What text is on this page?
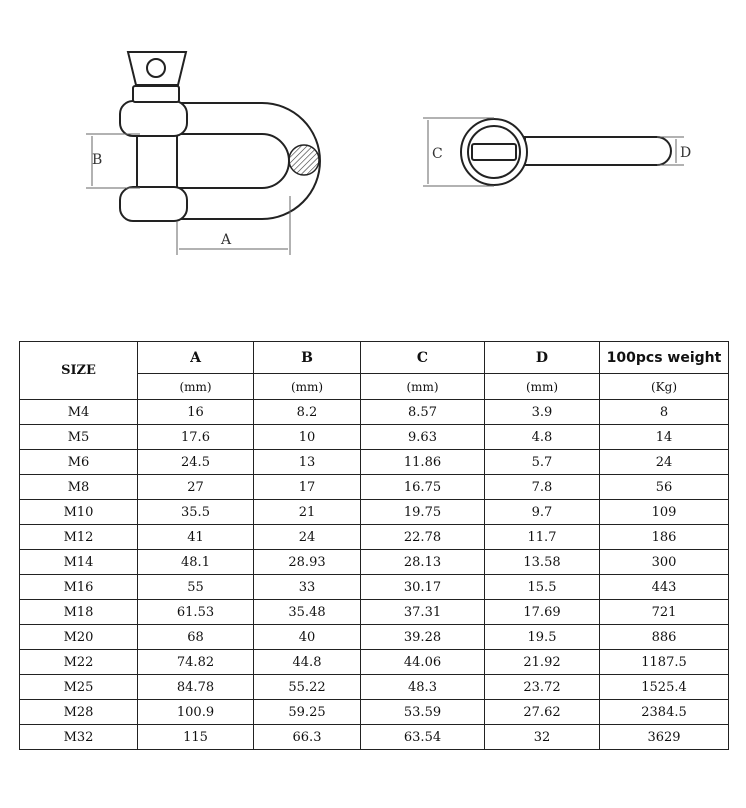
B
A
C	D
SIZE	A	B	C	D	100pcs weight
	(mm)	(mm)	(mm)	(mm)	(Kg)
M4	16	8.2	8.57	3.9	8
M5	17.6	10	9.63	4.8	14
M6	24.5	13	11.86	5.7	24
M8	27	17	16.75	7.8	56
M10	35.5	21	19.75	9.7	109
M12	41	24	22.78	11.7	186
M14	48.1	28.93	28.13	13.58	300
M16	55	33	30.17	15.5	443
M18	61.53	35.48	37.31	17.69	721
M20	68	40	39.28	19.5	886
M22	74.82	44.8	44.06	21.92	1187.5
M25	84.78	55.22	48.3	23.72	1525.4
M28	100.9	59.25	53.59	27.62	2384.5
M32	115	66.3	63.54	32	3629
